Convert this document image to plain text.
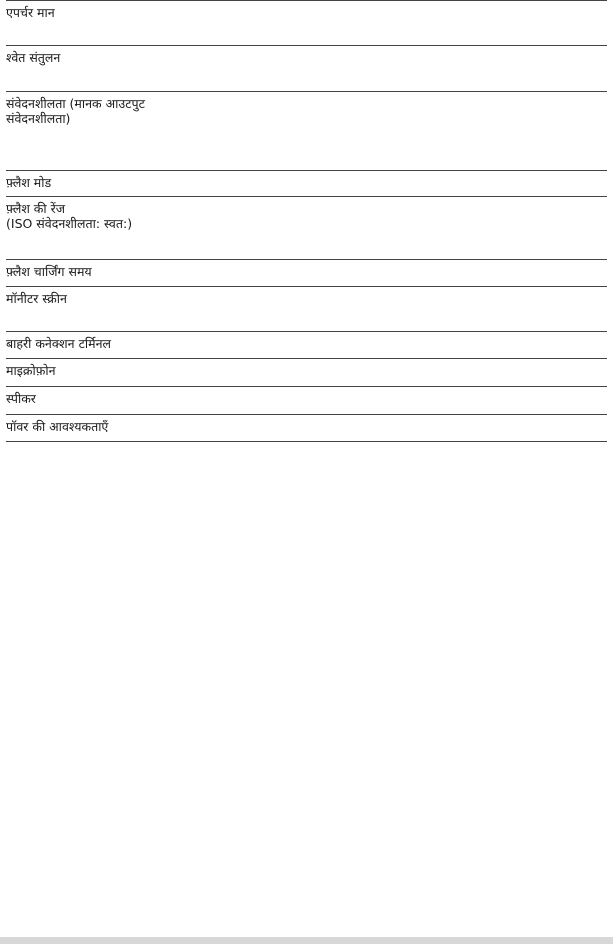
एपर्चर मान
श्वेत संतुलन
संवेदनशीलता (मानक आउटपुट
संवेदनशीलता)
फ़्लैश मोड
फ़्लैश की रेंज
(ISO संवेदनशीलता: स्वत:)
फ़्लैश चार्जिंग समय
मॉनीटर स्क्रीन
बाहरी कनेक्शन टर्मिनल
माइक्रोफ़ोन
स्पीकर
पॉवर की आवश्यकताएँ
